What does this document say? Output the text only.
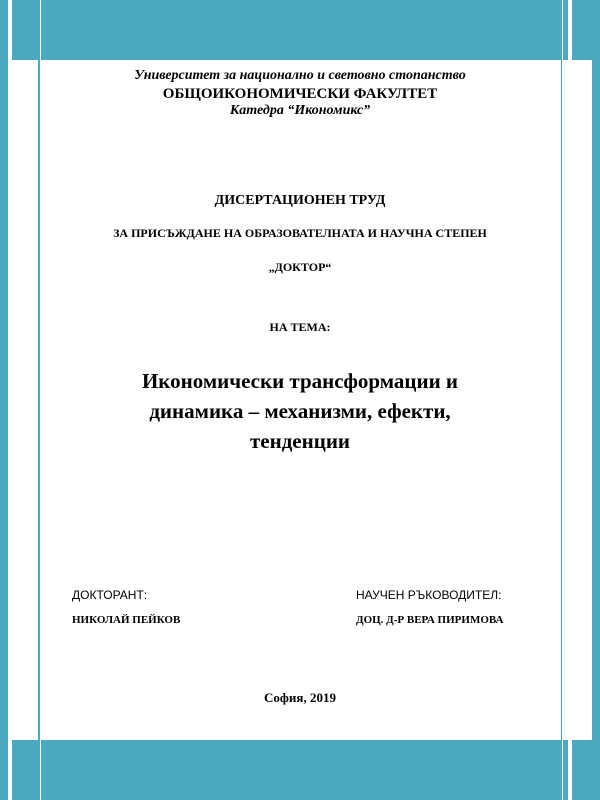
Университет за национално и световно стопанство
ОБЩОИКОНОМИЧЕСКИ ФАКУЛТЕТ
Катедра “Икономикс”
ДИСЕРТАЦИОНЕН ТРУД
ЗА ПРИСЪЖДАНЕ НА ОБРАЗОВАТЕЛНАТА И НАУЧНА СТЕПЕН
„ДОКТОР“
НА ТЕМА:
Икономически трансформации и
динамика – механизми, ефекти,
тенденции
ДОКТОРАНТ:	НАУЧЕН РЪКОВОДИТЕЛ:
НИКОЛАЙ ПЕЙКОВ	ДОЦ. Д-Р ВЕРА ПИРИМОВА
София, 2019
